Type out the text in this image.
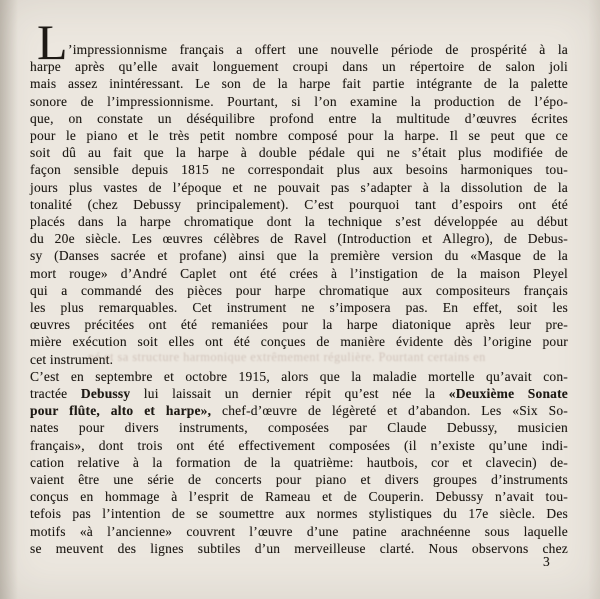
L ’impressionnisme français a offert une nouvelle période de prospérité à la
harpe après qu’elle avait longuement croupi dans un répertoire de salon joli
mais assez inintéressant. Le son de la harpe fait partie intégrante de la palette
sonore de l’impressionnisme. Pourtant, si l’on examine la production de l’épo-
que, on constate un déséquilibre profond entre la multitude d’œuvres écrites
pour le piano et le très petit nombre composé pour la harpe. Il se peut que ce
soit dû au fait que la harpe à double pédale qui ne s’était plus modifiée de
façon sensible depuis 1815 ne correspondait plus aux besoins harmoniques tou-
jours plus vastes de l’époque et ne pouvait pas s’adapter à la dissolution de la
tonalité (chez Debussy principalement). C’est pourquoi tant d’espoirs ont été
placés dans la harpe chromatique dont la technique s’est développée au début
du 20e siècle. Les œuvres célèbres de Ravel (Introduction et Allegro), de Debus-
sy (Danses sacrée et profane) ainsi que la première version du «Masque de la
mort rouge» d’André Caplet ont été crées à l’instigation de la maison Pleyel
qui a commandé des pièces pour harpe chromatique aux compositeurs français
les plus remarquables. Cet instrument ne s’imposera pas. En effet, soit les
œuvres précitées ont été remaniées pour la harpe diatonique après leur pre-
mière exécution soit elles ont été conçues de manière évidente dès l’origine pour
cet instrument.
C’est en septembre et octobre 1915, alors que la maladie mortelle qu’avait con-
tractée Debussy lui laissait un dernier répit qu’est née la «Deuxième Sonate
pour flûte, alto et harpe», chef-d’œuvre de légèreté et d’abandon. Les «Six So-
nates pour divers instruments, composées par Claude Debussy, musicien
français», dont trois ont été effectivement composées (il n’existe qu’une indi-
cation relative à la formation de la quatrième: hautbois, cor et clavecin) de-
vaient être une série de concerts pour piano et divers groupes d’instruments
conçus en hommage à l’esprit de Rameau et de Couperin. Debussy n’avait tou-
tefois pas l’intention de se soumettre aux normes stylistiques du 17e siècle. Des
motifs «à l’ancienne» couvrent l’œuvre d’une patine arachnéenne sous laquelle
se meuvent des lignes subtiles d’un merveilleuse clarté. Nous observons chez
né et sa structure harmonique extrêmement régulière. Pourtant certains en
3
